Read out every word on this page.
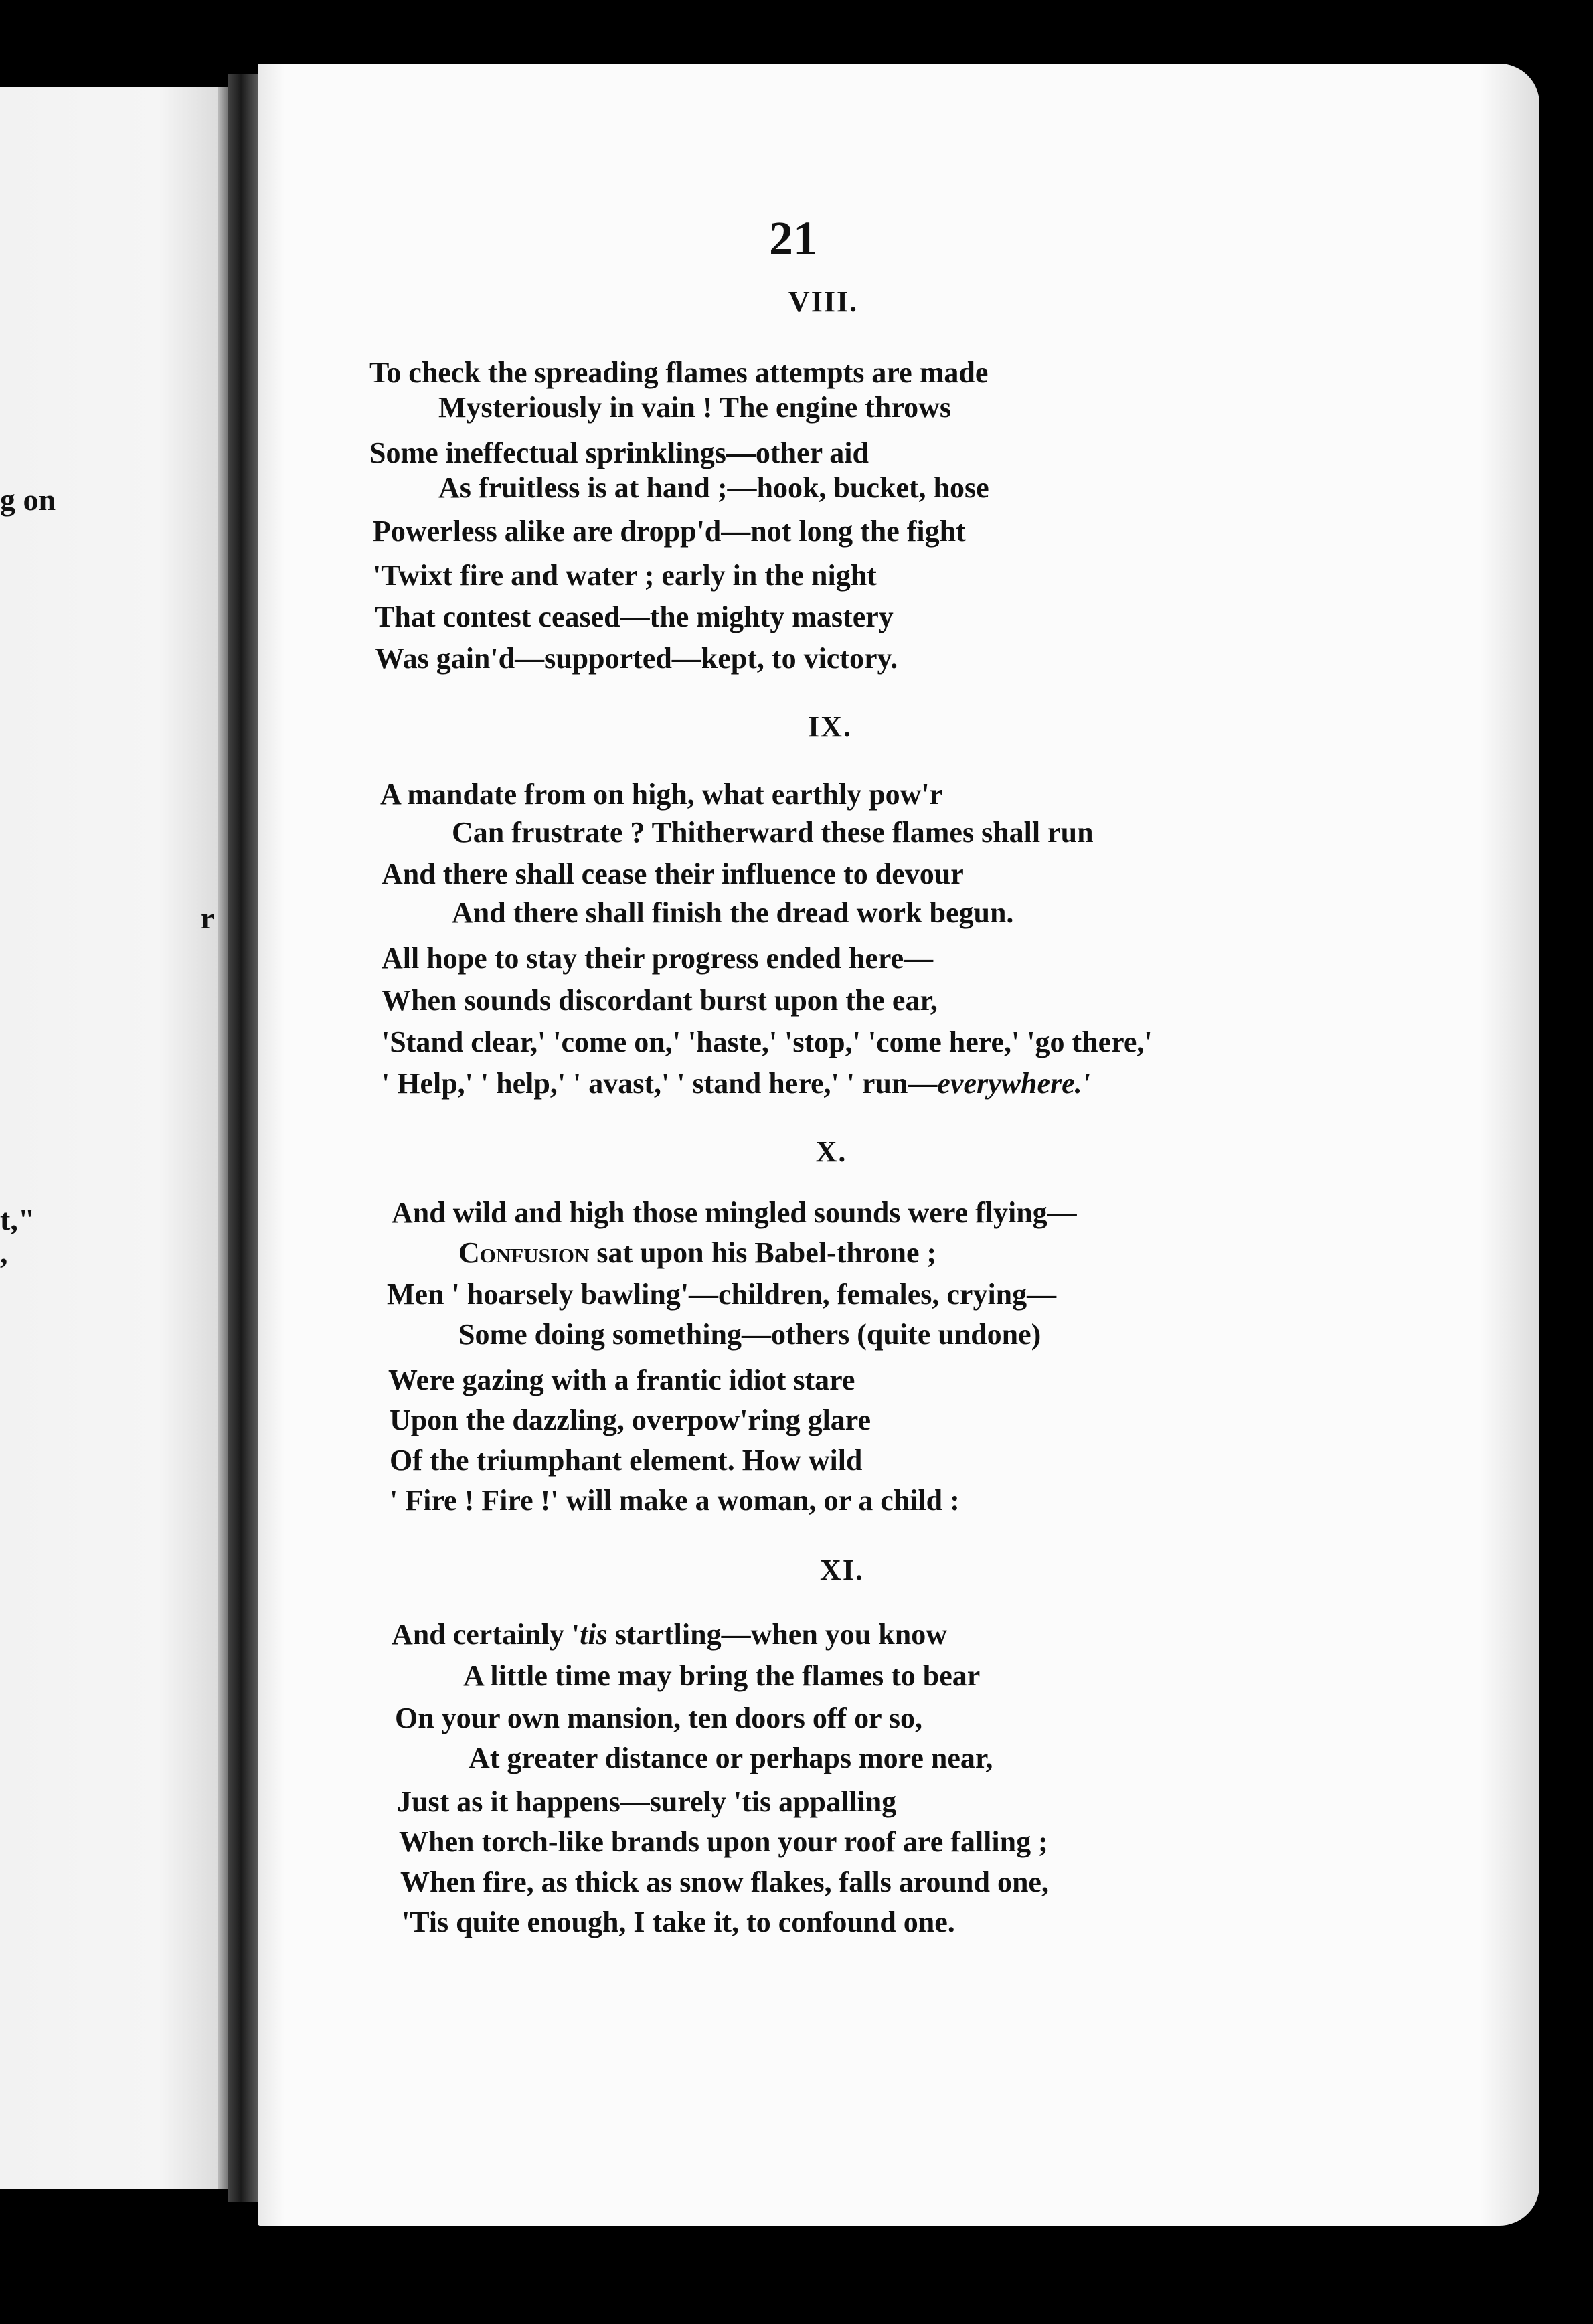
g on
r
t,"
,
21
VIII.
To check the spreading flames attempts are made
Mysteriously in vain ! The engine throws
Some ineffectual sprinklings—other aid
As fruitless is at hand ;—hook, bucket, hose
Powerless alike are dropp'd—not long the fight
'Twixt fire and water ; early in the night
That contest ceased—the mighty mastery
Was gain'd—supported—kept, to victory.
IX.
A mandate from on high, what earthly pow'r
Can frustrate ? Thitherward these flames shall run
And there shall cease their influence to devour
And there shall finish the dread work begun.
All hope to stay their progress ended here—
When sounds discordant burst upon the ear,
'Stand clear,' 'come on,' 'haste,' 'stop,' 'come here,' 'go there,'
' Help,' ' help,' ' avast,' ' stand here,' ' run—everywhere.'
X.
And wild and high those mingled sounds were flying—
Confusion sat upon his Babel-throne ;
Men ' hoarsely bawling'—children, females, crying—
Some doing something—others (quite undone)
Were gazing with a frantic idiot stare
Upon the dazzling, overpow'ring glare
Of the triumphant element. How wild
' Fire ! Fire !' will make a woman, or a child :
XI.
And certainly 'tis startling—when you know
A little time may bring the flames to bear
On your own mansion, ten doors off or so,
At greater distance or perhaps more near,
Just as it happens—surely 'tis appalling
When torch-like brands upon your roof are falling ;
When fire, as thick as snow flakes, falls around one,
'Tis quite enough, I take it, to confound one.
